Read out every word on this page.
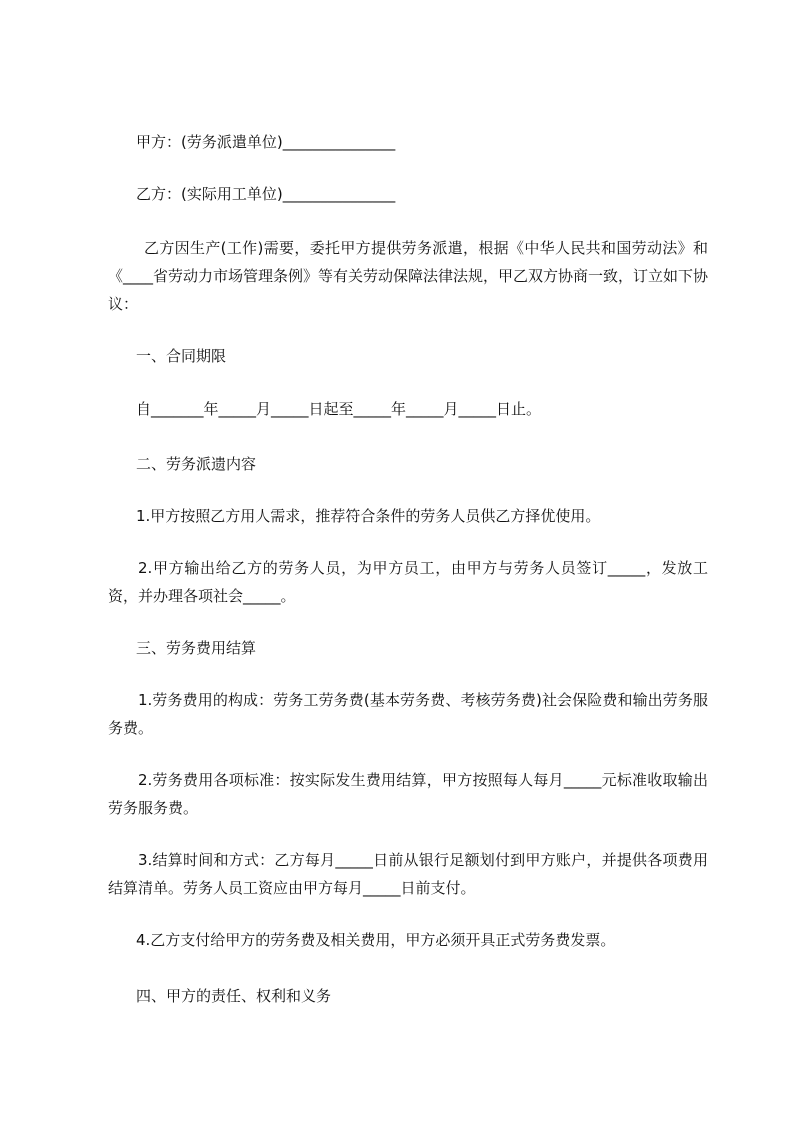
甲方：(劳务派遣单位)_______________

乙方：(实际用工单位)_______________

乙方因生产(工作)需要，委托甲方提供劳务派遣，根据《中华人民共和国劳动法》和《____省劳动力市场管理条例》等有关劳动保障法律法规，甲乙双方协商一致，订立如下协议：

一、合同期限

自_______年_____月_____日起至_____年_____月_____日止。

二、劳务派遗内容

1.甲方按照乙方用人需求，推荐符合条件的劳务人员供乙方择优使用。

2.甲方输出给乙方的劳务人员，为甲方员工，由甲方与劳务人员签订_____，发放工资，并办理各项社会_____。

三、劳务费用结算

1.劳务费用的构成：劳务工劳务费(基本劳务费、考核劳务费)社会保险费和输出劳务服务费。

2.劳务费用各项标准：按实际发生费用结算，甲方按照每人每月_____元标准收取输出劳务服务费。

3.结算时间和方式：乙方每月_____日前从银行足额划付到甲方账户，并提供各项费用结算清单。劳务人员工资应由甲方每月_____日前支付。

4.乙方支付给甲方的劳务费及相关费用，甲方必须开具正式劳务费发票。

四、甲方的责任、权利和义务
